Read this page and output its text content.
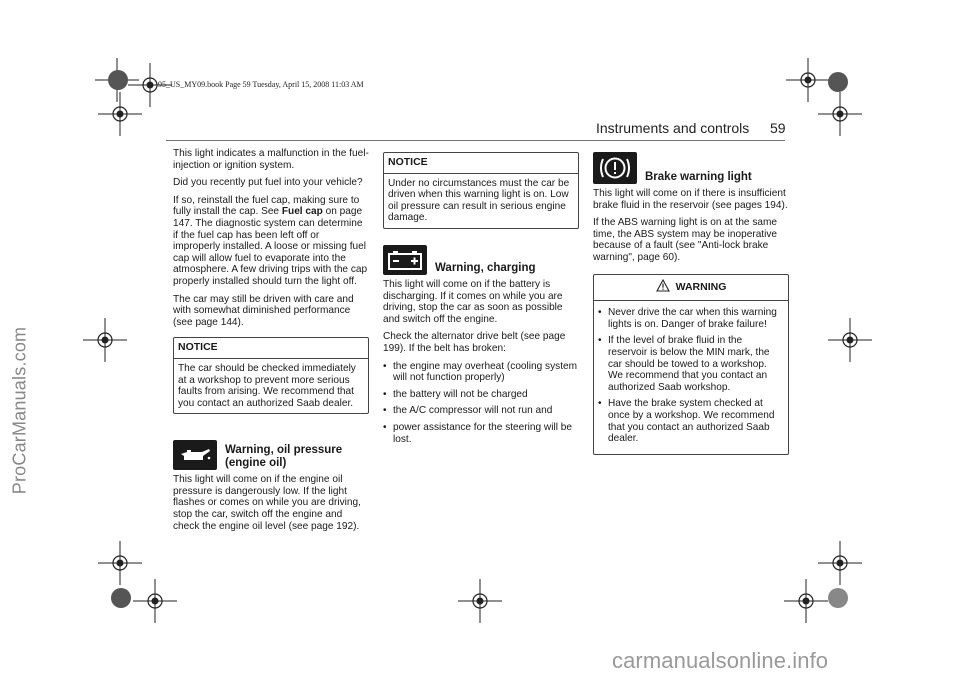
95_US_MY09.book Page 59 Tuesday, April 15, 2008 11:03 AM
ProCarManuals.com
Instruments and controls 59

This light indicates a malfunction in the fuel-injection or ignition system.

Did you recently put fuel into your vehicle?

If so, reinstall the fuel cap, making sure to fully install the cap. See Fuel cap on page 147. The diagnostic system can determine if the fuel cap has been left off or improperly installed. A loose or missing fuel cap will allow fuel to evaporate into the atmosphere. A few driving trips with the cap properly installed should turn the light off.

The car may still be driven with care and with somewhat diminished performance (see page 144).

NOTICE
The car should be checked immediately at a workshop to prevent more serious faults from arising. We recommend that you contact an authorized Saab dealer.
Warning, oil pressure (engine oil)

This light will come on if the engine oil pressure is dangerously low. If the light flashes or comes on while you are driving, stop the car, switch off the engine and check the engine oil level (see page 192).

NOTICE
Under no circumstances must the car be driven when this warning light is on. Low oil pressure can result in serious engine damage.
Warning, charging

This light will come on if the battery is discharging. If it comes on while you are driving, stop the car as soon as possible and switch off the engine.

Check the alternator drive belt (see page 199). If the belt has broken:

• the engine may overheat (cooling system will not function properly)
• the battery will not be charged
• the A/C compressor will not run and
• power assistance for the steering will be lost.
Brake warning light

This light will come on if there is insufficient brake fluid in the reservoir (see pages 194).

If the ABS warning light is on at the same time, the ABS system may be inoperative because of a fault (see "Anti-lock brake warning", page 60).

WARNING
• Never drive the car when this warning lights is on. Danger of brake failure!
• If the level of brake fluid in the reservoir is below the MIN mark, the car should be towed to a workshop. We recommend that you contact an authorized Saab workshop.
• Have the brake system checked at once by a workshop. We recommend that you contact an authorized Saab dealer.
carmanualsonline.info
